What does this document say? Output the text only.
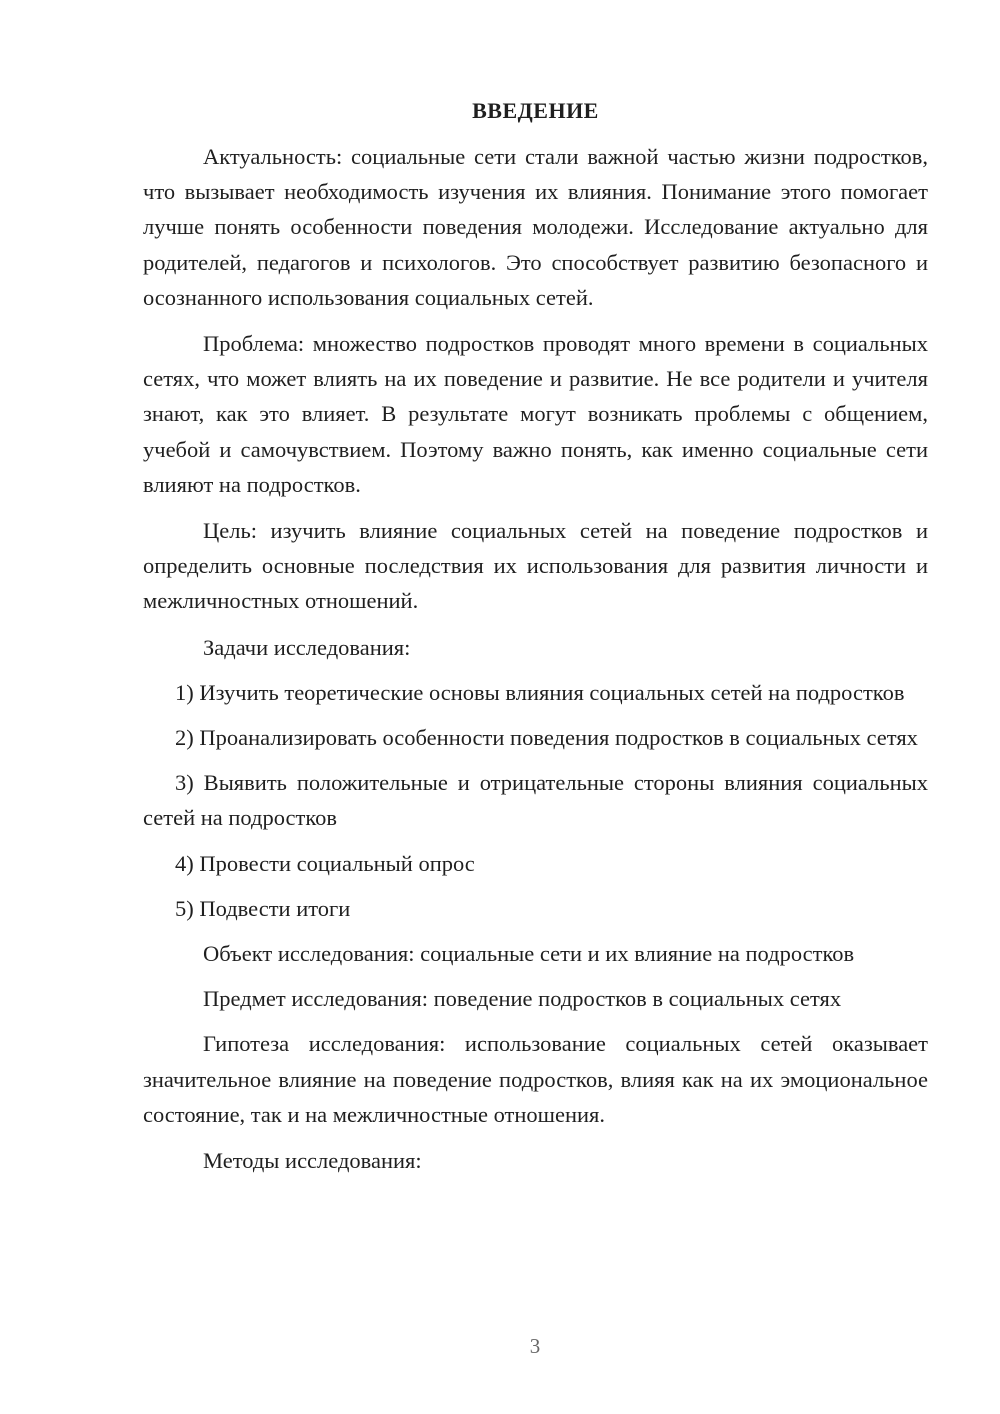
ВВЕДЕНИЕ

Актуальность: социальные сети стали важной частью жизни подростков, что вызывает необходимость изучения их влияния. Понимание этого помогает лучше понять особенности поведения молодежи. Исследование актуально для родителей, педагогов и психологов. Это способствует развитию безопасного и осознанного использования социальных сетей.

Проблема: множество подростков проводят много времени в социальных сетях, что может влиять на их поведение и развитие. Не все родители и учителя знают, как это влияет. В результате могут возникать проблемы с общением, учебой и самочувствием. Поэтому важно понять, как именно социальные сети влияют на подростков.

Цель: изучить влияние социальных сетей на поведение подростков и определить основные последствия их использования для развития личности и межличностных отношений.

Задачи исследования:

1) Изучить теоретические основы влияния социальных сетей на подростков

2) Проанализировать особенности поведения подростков в социальных сетях

3) Выявить положительные и отрицательные стороны влияния социальных сетей на подростков

4) Провести социальный опрос

5) Подвести итоги

Объект исследования: социальные сети и их влияние на подростков

Предмет исследования: поведение подростков в социальных сетях

Гипотеза исследования: использование социальных сетей оказывает значительное влияние на поведение подростков, влияя как на их эмоциональное состояние, так и на межличностные отношения.

Методы исследования:

3
